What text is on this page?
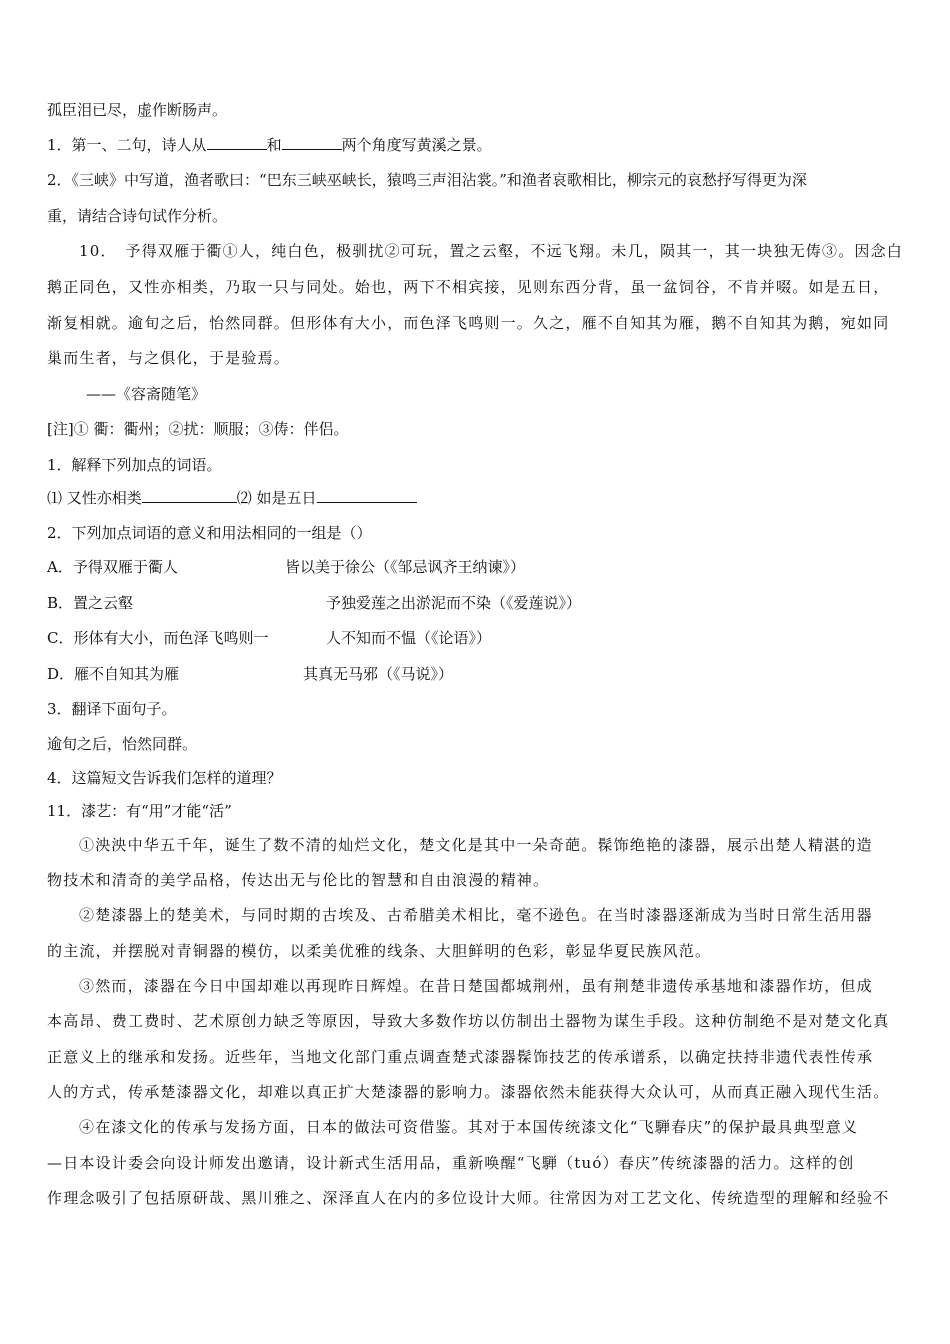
孤臣泪已尽，虚作断肠声。
1．第一、二句，诗人从	和	两个角度写黄溪之景。
2．《三峡》中写道，渔者歌曰：“巴东三峡巫峡长，猿鸣三声泪沾裳。”和渔者哀歌相比，柳宗元的哀愁抒写得更为深
重，请结合诗句试作分析。
10．　予得双雁于衢①人，纯白色，极驯扰②可玩，置之云壑，不远飞翔。未几，陨其一，其一块独无俦③。因念白
鹅正同色，又性亦相类，乃取一只与同处。始也，两下不相宾接，见则东西分背，虽一盆饲谷，不肯并啜。如是五日，
渐复相就。逾旬之后，怡然同群。但形体有大小，而色泽飞鸣则一。久之，雁不自知其为雁，鹅不自知其为鹅，宛如同
巢而生者，与之俱化，于是验焉。
——《容斋随笔》
[注]① 衢：衢州；②扰：顺服；③俦：伴侣。
1．解释下列加点的词语。
⑴ 又性亦相类	⑵ 如是五日
2．下列加点词语的意义和用法相同的一组是（）
A．予得双雁于衢人	皆以美于徐公（《邹忌讽齐王纳谏》）
B．置之云壑	予独爱莲之出淤泥而不染（《爱莲说》）
C．形体有大小，而色泽飞鸣则一	人不知而不愠（《论语》）
D．雁不自知其为雁	其真无马邪（《马说》）
3．翻译下面句子。
逾旬之后，怡然同群。
4．这篇短文告诉我们怎样的道理？
11．漆艺：有“用”才能“活”
①泱泱中华五千年，诞生了数不清的灿烂文化，楚文化是其中一朵奇葩。髹饰绝艳的漆器，展示出楚人精湛的造
物技术和清奇的美学品格，传达出无与伦比的智慧和自由浪漫的精神。
②楚漆器上的楚美术，与同时期的古埃及、古希腊美术相比，毫不逊色。在当时漆器逐渐成为当时日常生活用器
的主流，并摆脱对青铜器的模仿，以柔美优雅的线条、大胆鲜明的色彩，彰显华夏民族风范。
③然而，漆器在今日中国却难以再现昨日辉煌。在昔日楚国都城荆州，虽有荆楚非遗传承基地和漆器作坊，但成
本高昂、费工费时、艺术原创力缺乏等原因，导致大多数作坊以仿制出土器物为谋生手段。这种仿制绝不是对楚文化真
正意义上的继承和发扬。近些年，当地文化部门重点调查楚式漆器髹饰技艺的传承谱系，以确定扶持非遗代表性传承
人的方式，传承楚漆器文化，却难以真正扩大楚漆器的影响力。漆器依然未能获得大众认可，从而真正融入现代生活。
④在漆文化的传承与发扬方面，日本的做法可资借鉴。其对于本国传统漆文化“飞騨春庆”的保护最具典型意义
—日本设计委会向设计师发出邀请，设计新式生活用品，重新唤醒“飞騨（tuó）春庆”传统漆器的活力。这样的创
作理念吸引了包括原研哉、黑川雅之、深泽直人在内的多位设计大师。往常因为对工艺文化、传统造型的理解和经验不
